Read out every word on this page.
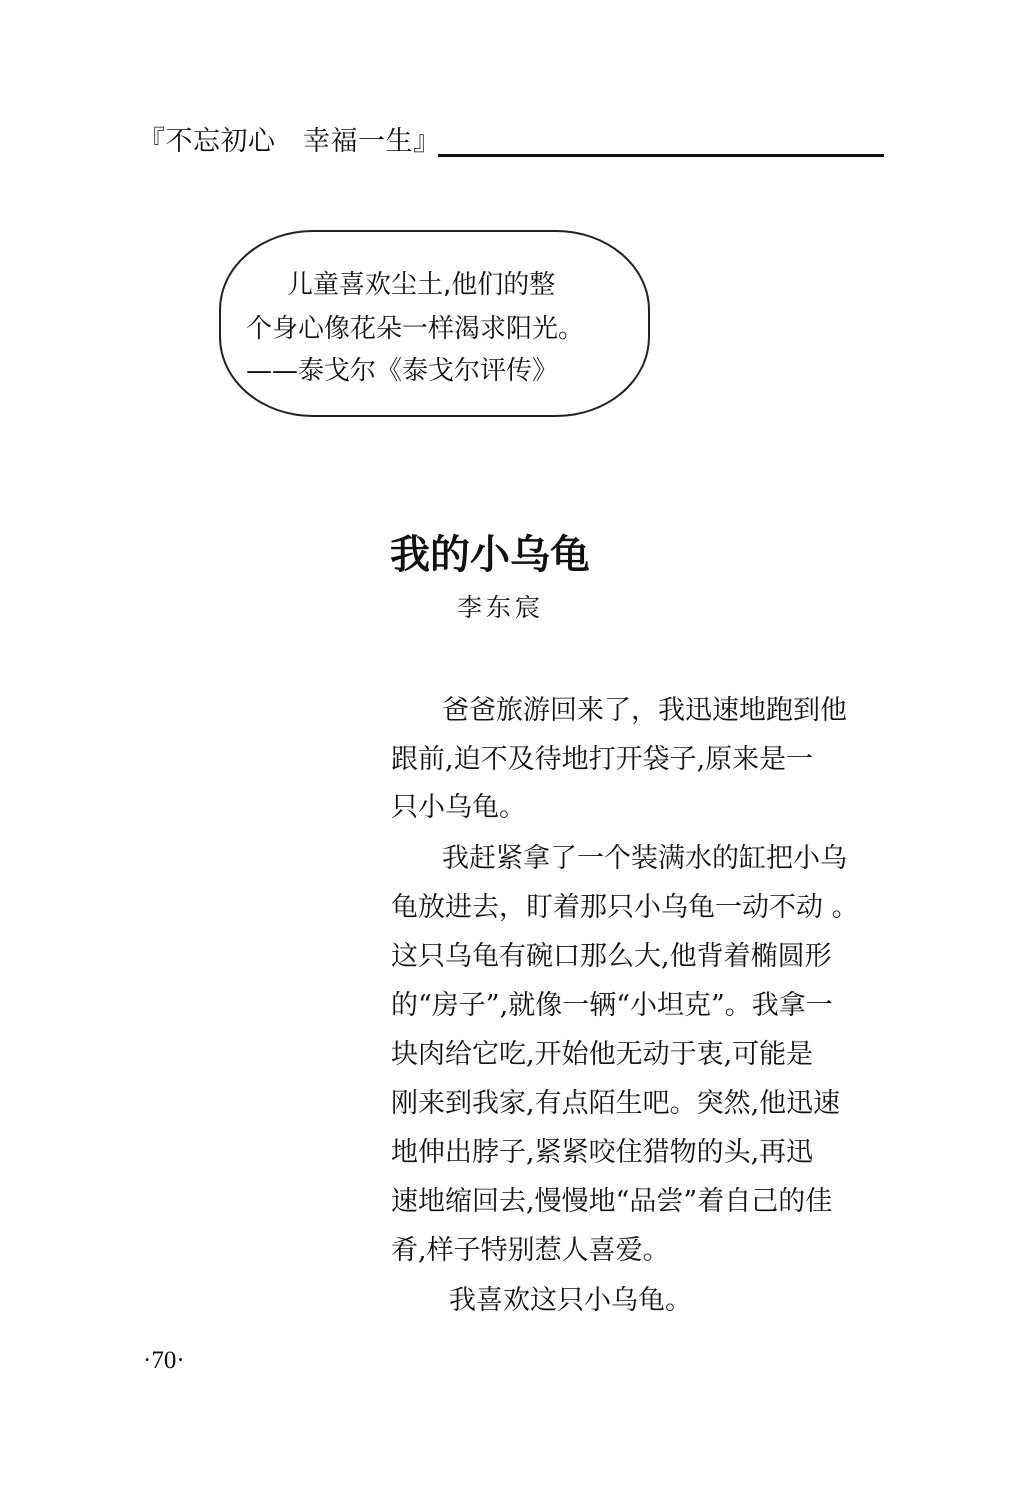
『不忘初心　幸福一生』
儿童喜欢尘土,他们的整
个身心像花朵一样渴求阳光。
——泰戈尔《泰戈尔评传》
我的小乌龟
李东宸
爸爸旅游回来了，我迅速地跑到他
跟前,迫不及待地打开袋子,原来是一
只小乌龟。
我赶紧拿了一个装满水的缸把小乌
龟放进去，盯着那只小乌龟一动不动 。
这只乌龟有碗口那么大,他背着椭圆形
的“房子”,就像一辆“小坦克”。我拿一
块肉给它吃,开始他无动于衷,可能是
刚来到我家,有点陌生吧。突然,他迅速
地伸出脖子,紧紧咬住猎物的头,再迅
速地缩回去,慢慢地“品尝”着自己的佳
肴,样子特别惹人喜爱。
我喜欢这只小乌龟。
·70·
